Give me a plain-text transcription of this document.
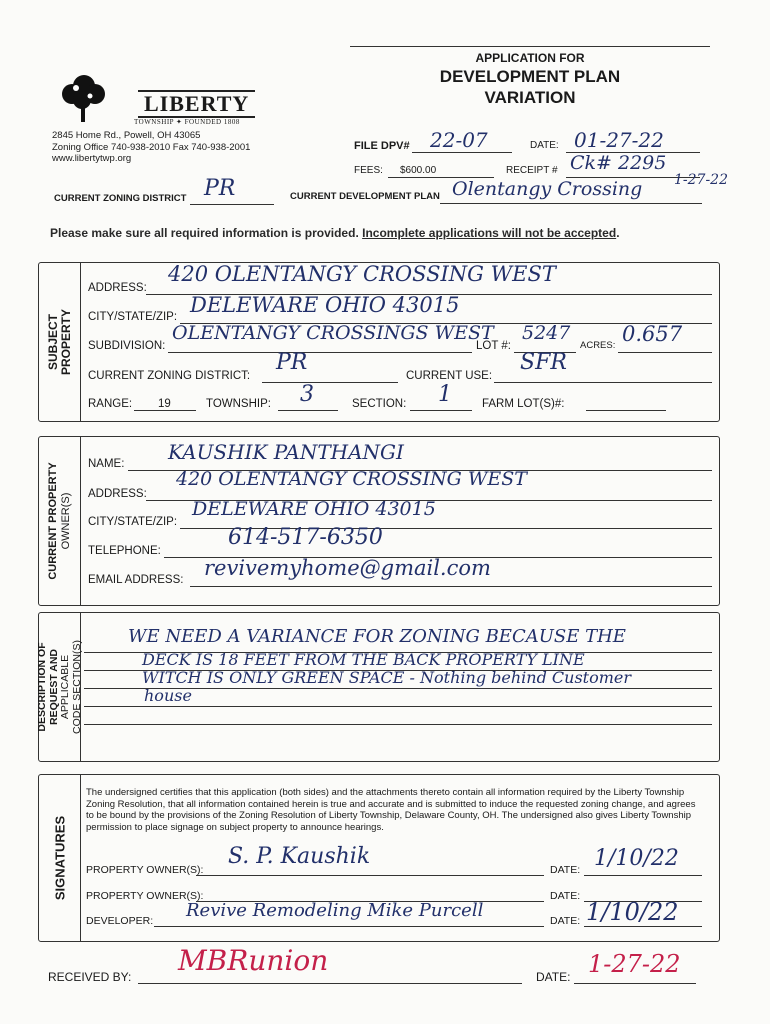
LIBERTY
TOWNSHIP ✦ FOUNDED 1808
2845 Home Rd., Powell, OH 43065
Zoning Office 740-938-2010 Fax 740-938-2001
www.libertytwp.org
APPLICATION FOR
DEVELOPMENT PLAN
VARIATION
FILE DPV# 22-07	DATE: 01-27-22
FEES: $600.00	RECEIPT # Ck# 2295
CURRENT ZONING DISTRICT PR	CURRENT DEVELOPMENT PLAN Olentangy Crossing 1-27-22
Please make sure all required information is provided. Incomplete applications will not be accepted.
SUBJECT PROPERTY
ADDRESS:
420 OLENTANGY CROSSING WEST
CITY/STATE/ZIP: DELEWARE OHIO 43015
SUBDIVISION:
OLENTANGY CROSSINGS WEST
LOT #:
5247
ACRES: 0.657
CURRENT ZONING DISTRICT:
PR
CURRENT USE:
SFR
RANGE: 19	TOWNSHIP: 3	SECTION: 1	FARM LOT(S)#:
CURRENT PROPERTY OWNER(S)
NAME: KAUSHIK PANTHANGI
ADDRESS:
420 OLENTANGY CROSSING WEST
CITY/STATE/ZIP:
DELEWARE OHIO 43015
TELEPHONE:
614-517-6350
EMAIL ADDRESS: revivemyhome@gmail.com
DESCRIPTION OF REQUEST AND APPLICABLE CODE SECTION(S)
WE NEED A VARIANCE FOR ZONING BECAUSE THE
DECK IS 18 FEET FROM THE BACK PROPERTY LINE
WITCH IS ONLY GREEN SPACE - Nothing behind Customer
house
SIGNATURES
The undersigned certifies that this application (both sides) and the attachments thereto contain all information required by the Liberty Township Zoning Resolution, that all information contained herein is true and accurate and is submitted to induce the requested zoning change, and agrees to be bound by the provisions of the Zoning Resolution of Liberty Township, Delaware County, OH. The undersigned also gives Liberty Township permission to place signage on subject property to announce hearings.
PROPERTY OWNER(S):
S. P. Kaushik
DATE: 1/10/22
PROPERTY OWNER(S):	DATE:
DEVELOPER: Revive Remodeling Mike Purcell	DATE: 1/10/22
RECEIVED BY: MBRunion	DATE: 1-27-22
